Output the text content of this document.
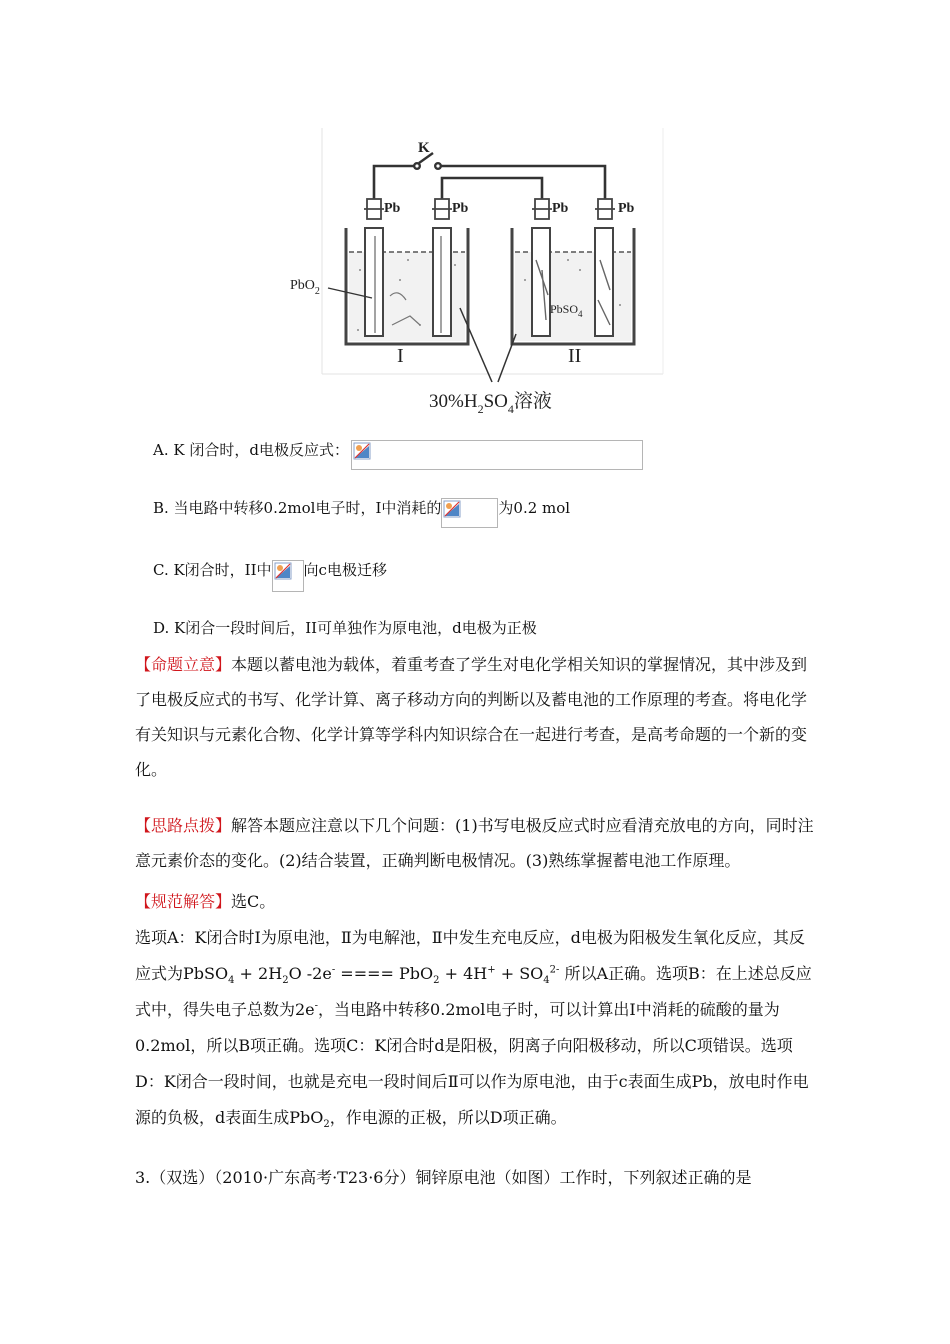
K
Pb	Pb	Pb	Pb
PbO$_2$
PbSO$_4$
I	II
$30\%H_2SO_4$溶液
A. K 闭合时，d电极反应式：
B. 当电路中转移0.2mol电子时，I中消耗的	为0.2 mol
C. K闭合时，II中 向c电极迁移
D. K闭合一段时间后，II可单独作为原电池，d电极为正极
【命题立意】本题以蓄电池为载体，着重考查了学生对电化学相关知识的掌握情况，其中涉及到了电极反应式的书写、化学计算、离子移动方向的判断以及蓄电池的工作原理的考查。将电化学有关知识与元素化合物、化学计算等学科内知识综合在一起进行考查，是高考命题的一个新的变化。
【思路点拨】解答本题应注意以下几个问题：(1)书写电极反应式时应看清充放电的方向，同时注意元素价态的变化。(2)结合装置，正确判断电极情况。(3)熟练掌握蓄电池工作原理。
【规范解答】选C。
选项A：K闭合时Ⅰ为原电池，Ⅱ为电解池，Ⅱ中发生充电反应，d电极为阳极发生氧化反应，其反应式为PbSO$_4$ + $2H_2O$ -2e- ==== $PbO_2 + 4H^+ + SO_4^{2-}$ 所以A正确。选项B：在上述总反应式中，得失电子总数为2e-，当电路中转移0.2mol电子时，可以计算出Ⅰ中消耗的硫酸的量为0.2mol，所以B项正确。选项C：K闭合时d是阳极，阴离子向阳极移动，所以C项错误。选项D：K闭合一段时间，也就是充电一段时间后Ⅱ可以作为原电池，由于c表面生成Pb，放电时作电源的负极，d表面生成PbO$_2$，作电源的正极，所以D项正确。
3.（双选）（2010·广东高考·T23·6分）铜锌原电池（如图）工作时，下列叙述正确的是
